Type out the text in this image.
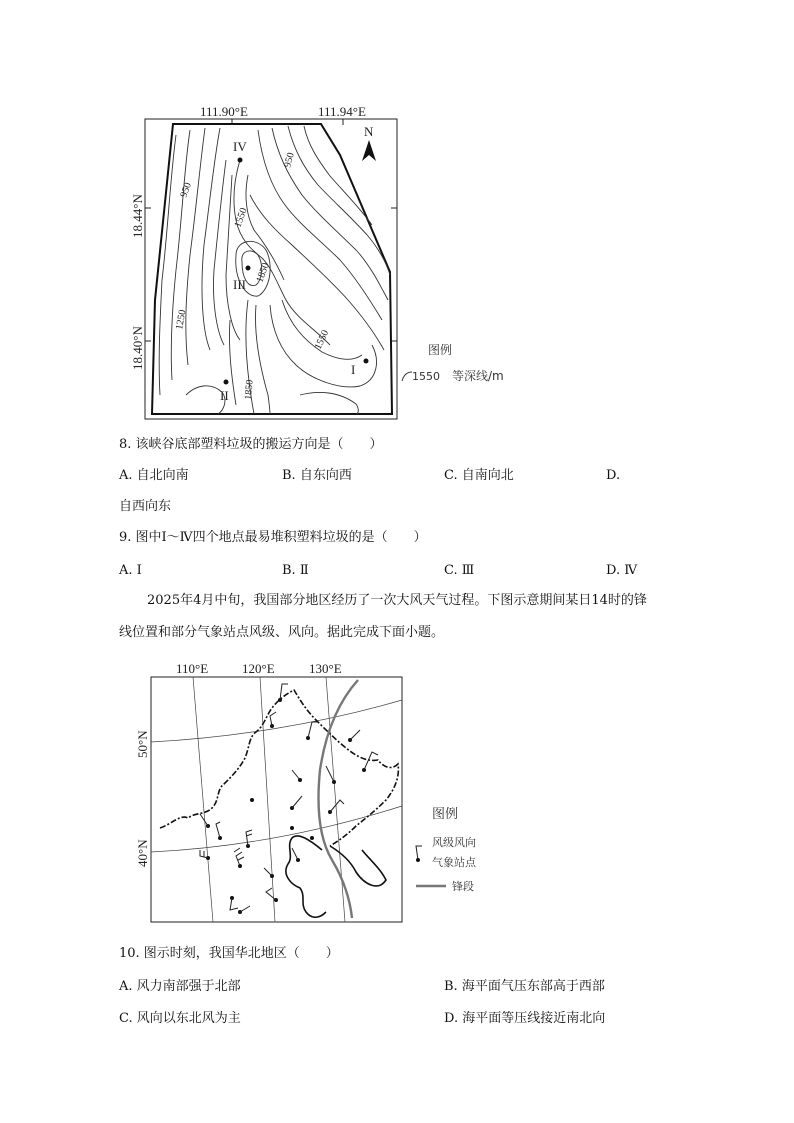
111.90°E	111.94°E
18.44°N
18.40°N
950
950
1550
1850
1250
1550
1850
N
IV
III
II
I
图例
1550 等深线/m
8. 该峡谷底部塑料垃圾的搬运方向是（　　）
A. 自北向南	B. 自东向西	C. 自南向北	D.
自西向东
9. 图中Ⅰ～Ⅳ四个地点最易堆积塑料垃圾的是（　　）
A. Ⅰ	B. Ⅱ	C. Ⅲ	D. Ⅳ
2025年4月中旬，我国部分地区经历了一次大风天气过程。下图示意期间某日14时的锋
线位置和部分气象站点风级、风向。据此完成下面小题。
110°E	120°E	130°E
50°N
40°N
图例
风级风向
气象站点
锋段
10. 图示时刻，我国华北地区（　　）
A. 风力南部强于北部	B. 海平面气压东部高于西部
C. 风向以东北风为主	D. 海平面等压线接近南北向
